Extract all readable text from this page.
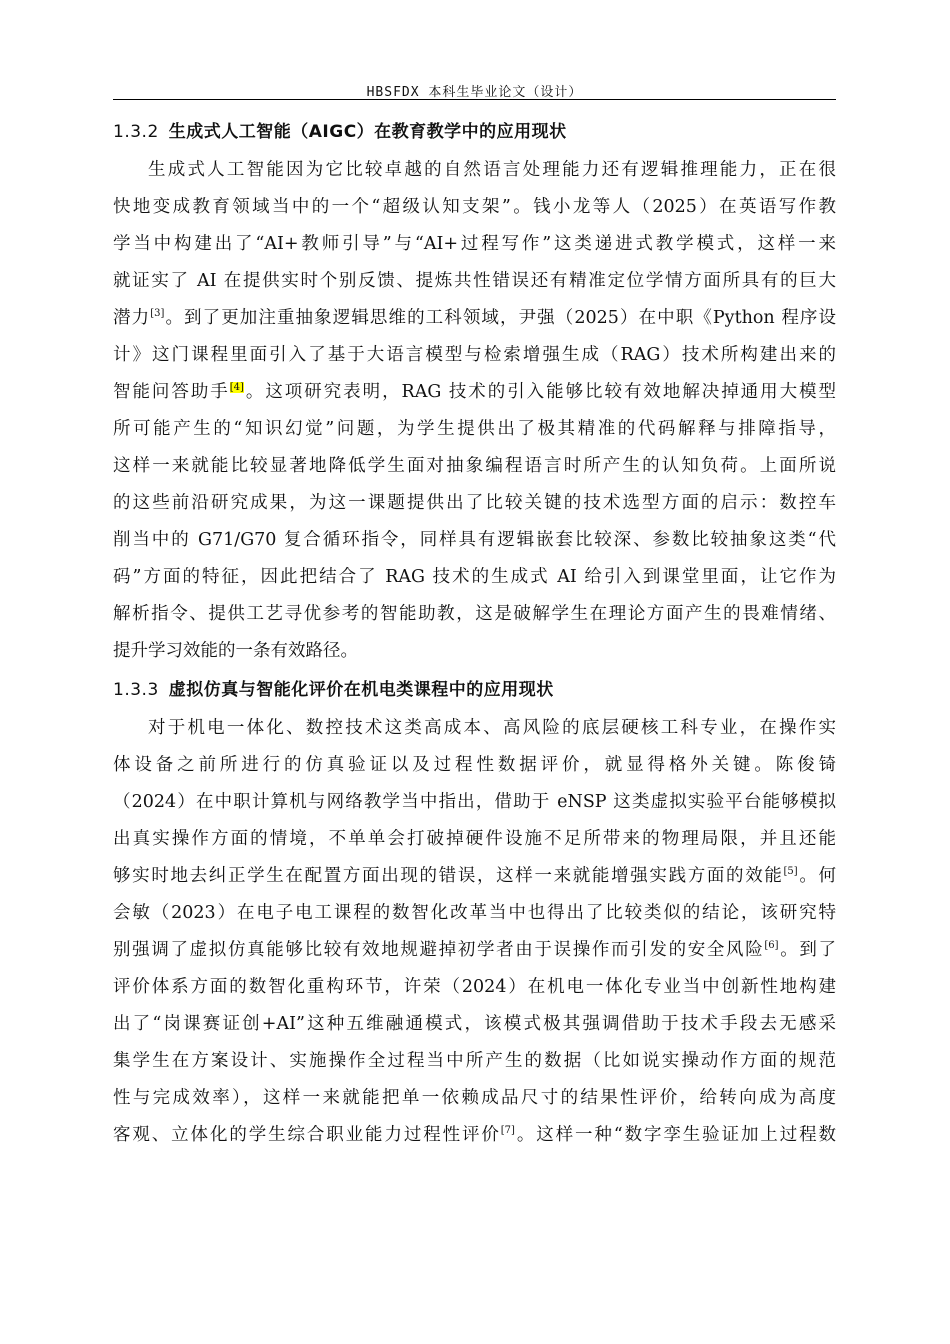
HBSFDX 本科生毕业论文（设计）
1.3.2 生成式人工智能（AIGC）在教育教学中的应用现状
生成式人工智能因为它比较卓越的自然语言处理能力还有逻辑推理能力，正在很
快地变成教育领域当中的一个“超级认知支架”。钱小龙等人（2025）在英语写作教
学当中构建出了“AI+教师引导”与“AI+过程写作”这类递进式教学模式，这样一来
就证实了 AI 在提供实时个别反馈、提炼共性错误还有精准定位学情方面所具有的巨大
潜力[3]。到了更加注重抽象逻辑思维的工科领域，尹强（2025）在中职《Python 程序设
计》这门课程里面引入了基于大语言模型与检索增强生成（RAG）技术所构建出来的
智能问答助手[4]。这项研究表明，RAG 技术的引入能够比较有效地解决掉通用大模型
所可能产生的“知识幻觉”问题，为学生提供出了极其精准的代码解释与排障指导，
这样一来就能比较显著地降低学生面对抽象编程语言时所产生的认知负荷。上面所说
的这些前沿研究成果，为这一课题提供出了比较关键的技术选型方面的启示：数控车
削当中的 G71/G70 复合循环指令，同样具有逻辑嵌套比较深、参数比较抽象这类“代
码”方面的特征，因此把结合了 RAG 技术的生成式 AI 给引入到课堂里面，让它作为
解析指令、提供工艺寻优参考的智能助教，这是破解学生在理论方面产生的畏难情绪、
提升学习效能的一条有效路径。
1.3.3 虚拟仿真与智能化评价在机电类课程中的应用现状
对于机电一体化、数控技术这类高成本、高风险的底层硬核工科专业，在操作实
体设备之前所进行的仿真验证以及过程性数据评价，就显得格外关键。陈俊锜
（2024）在中职计算机与网络教学当中指出，借助于 eNSP 这类虚拟实验平台能够模拟
出真实操作方面的情境，不单单会打破掉硬件设施不足所带来的物理局限，并且还能
够实时地去纠正学生在配置方面出现的错误，这样一来就能增强实践方面的效能[5]。何
会敏（2023）在电子电工课程的数智化改革当中也得出了比较类似的结论，该研究特
别强调了虚拟仿真能够比较有效地规避掉初学者由于误操作而引发的安全风险[6]。到了
评价体系方面的数智化重构环节，许荣（2024）在机电一体化专业当中创新性地构建
出了“岗课赛证创+AI”这种五维融通模式，该模式极其强调借助于技术手段去无感采
集学生在方案设计、实施操作全过程当中所产生的数据（比如说实操动作方面的规范
性与完成效率），这样一来就能把单一依赖成品尺寸的结果性评价，给转向成为高度
客观、立体化的学生综合职业能力过程性评价[7]。这样一种“数字孪生验证加上过程数
